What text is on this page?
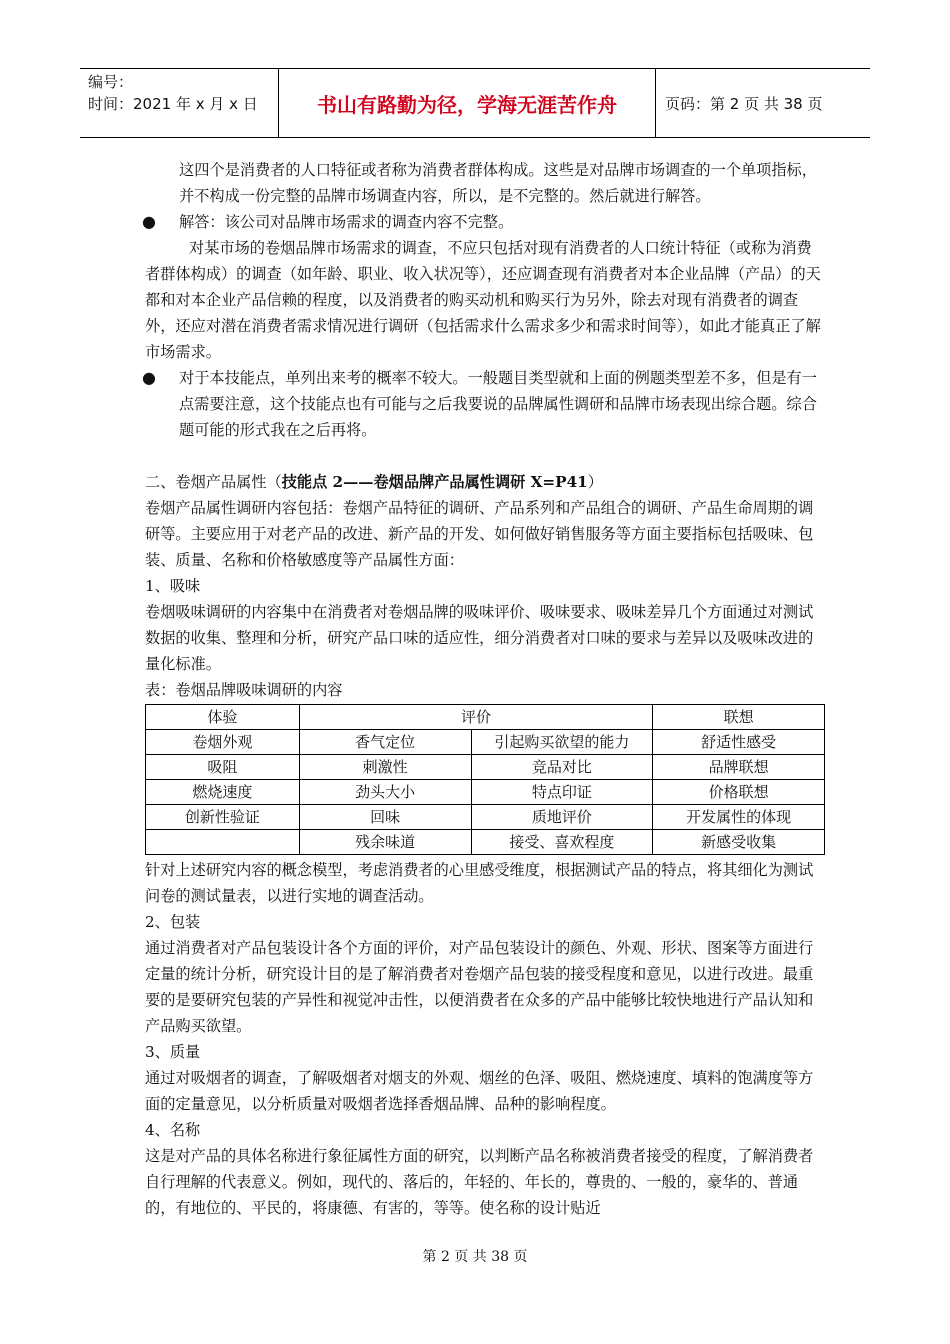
编号：
时间：2021 年 x 月 x 日	书山有路勤为径，学海无涯苦作舟	页码：第 2 页 共 38 页

这四个是消费者的人口特征或者称为消费者群体构成。这些是对品牌市场调查的一个单项指标，并不构成一份完整的品牌市场调查内容，所以，是不完整的。然后就进行解答。

● 解答：该公司对品牌市场需求的调查内容不完整。

对某市场的卷烟品牌市场需求的调查，不应只包括对现有消费者的人口统计特征（或称为消费者群体构成）的调查（如年龄、职业、收入状况等），还应调查现有消费者对本企业品牌（产品）的天都和对本企业产品信赖的程度，以及消费者的购买动机和购买行为另外，除去对现有消费者的调查外，还应对潜在消费者需求情况进行调研（包括需求什么需求多少和需求时间等），如此才能真正了解市场需求。

● 对于本技能点，单列出来考的概率不较大。一般题目类型就和上面的例题类型差不多，但是有一点需要注意，这个技能点也有可能与之后我要说的品牌属性调研和品牌市场表现出综合题。综合题可能的形式我在之后再将。

二、卷烟产品属性（技能点 2——卷烟品牌产品属性调研 X=P41）

卷烟产品属性调研内容包括：卷烟产品特征的调研、产品系列和产品组合的调研、产品生命周期的调研等。主要应用于对老产品的改进、新产品的开发、如何做好销售服务等方面主要指标包括吸味、包装、质量、名称和价格敏感度等产品属性方面：

1、吸味

卷烟吸味调研的内容集中在消费者对卷烟品牌的吸味评价、吸味要求、吸味差异几个方面通过对测试数据的收集、整理和分析，研究产品口味的适应性，细分消费者对口味的要求与差异以及吸味改进的量化标准。

表：卷烟品牌吸味调研的内容

体验	评价		联想
卷烟外观	香气定位	引起购买欲望的能力	舒适性感受
吸阻	刺激性	竞品对比	品牌联想
燃烧速度	劲头大小	特点印证	价格联想
创新性验证	回味	质地评价	开发属性的体现
	残余味道	接受、喜欢程度	新感受收集

针对上述研究内容的概念模型，考虑消费者的心里感受维度，根据测试产品的特点，将其细化为测试问卷的测试量表，以进行实地的调查活动。

2、包装

通过消费者对产品包装设计各个方面的评价，对产品包装设计的颜色、外观、形状、图案等方面进行定量的统计分析，研究设计目的是了解消费者对卷烟产品包装的接受程度和意见，以进行改进。最重要的是要研究包装的产异性和视觉冲击性，以便消费者在众多的产品中能够比较快地进行产品认知和产品购买欲望。

3、质量

通过对吸烟者的调查，了解吸烟者对烟支的外观、烟丝的色泽、吸阻、燃烧速度、填料的饱满度等方面的定量意见，以分析质量对吸烟者选择香烟品牌、品种的影响程度。

4、名称

这是对产品的具体名称进行象征属性方面的研究，以判断产品名称被消费者接受的程度，了解消费者自行理解的代表意义。例如，现代的、落后的，年轻的、年长的，尊贵的、一般的，豪华的、普通的，有地位的、平民的，将康德、有害的，等等。使名称的设计贴近

第 2 页 共 38 页
